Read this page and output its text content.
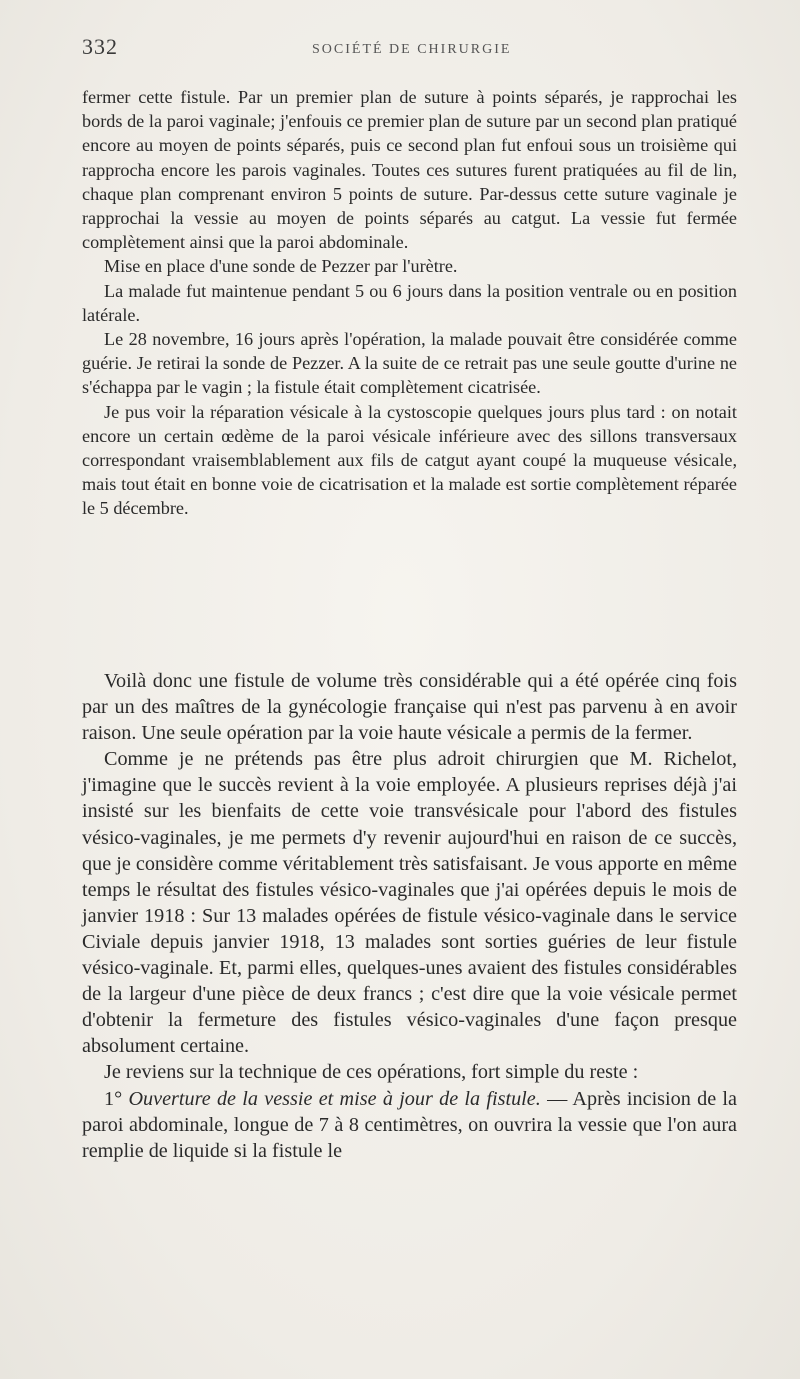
332	SOCIÉTÉ DE CHIRURGIE

fermer cette fistule. Par un premier plan de suture à points séparés, je rapprochai les bords de la paroi vaginale; j'enfouis ce premier plan de suture par un second plan pratiqué encore au moyen de points séparés, puis ce second plan fut enfoui sous un troisième qui rapprocha encore les parois vaginales. Toutes ces sutures furent pratiquées au fil de lin, chaque plan comprenant environ 5 points de suture. Par-dessus cette suture vaginale je rapprochai la vessie au moyen de points séparés au catgut. La vessie fut fermée complètement ainsi que la paroi abdominale.

Mise en place d'une sonde de Pezzer par l'urètre.

La malade fut maintenue pendant 5 ou 6 jours dans la position ventrale ou en position latérale.

Le 28 novembre, 16 jours après l'opération, la malade pouvait être considérée comme guérie. Je retirai la sonde de Pezzer. A la suite de ce retrait pas une seule goutte d'urine ne s'échappa par le vagin ; la fistule était complètement cicatrisée.

Je pus voir la réparation vésicale à la cystoscopie quelques jours plus tard : on notait encore un certain œdème de la paroi vésicale inférieure avec des sillons transversaux correspondant vraisemblablement aux fils de catgut ayant coupé la muqueuse vésicale, mais tout était en bonne voie de cicatrisation et la malade est sortie complètement réparée le 5 décembre.

Voilà donc une fistule de volume très considérable qui a été opérée cinq fois par un des maîtres de la gynécologie française qui n'est pas parvenu à en avoir raison. Une seule opération par la voie haute vésicale a permis de la fermer.

Comme je ne prétends pas être plus adroit chirurgien que M. Richelot, j'imagine que le succès revient à la voie employée. A plusieurs reprises déjà j'ai insisté sur les bienfaits de cette voie transvésicale pour l'abord des fistules vésico-vaginales, je me permets d'y revenir aujourd'hui en raison de ce succès, que je considère comme véritablement très satisfaisant. Je vous apporte en même temps le résultat des fistules vésico-vaginales que j'ai opérées depuis le mois de janvier 1918 : Sur 13 malades opérées de fistule vésico-vaginale dans le service Civiale depuis janvier 1918, 13 malades sont sorties guéries de leur fistule vésico-vaginale. Et, parmi elles, quelques-unes avaient des fistules considérables de la largeur d'une pièce de deux francs ; c'est dire que la voie vésicale permet d'obtenir la fermeture des fistules vésico-vaginales d'une façon presque absolument certaine.

Je reviens sur la technique de ces opérations, fort simple du reste :

1° Ouverture de la vessie et mise à jour de la fistule. — Après incision de la paroi abdominale, longue de 7 à 8 centimètres, on ouvrira la vessie que l'on aura remplie de liquide si la fistule le
